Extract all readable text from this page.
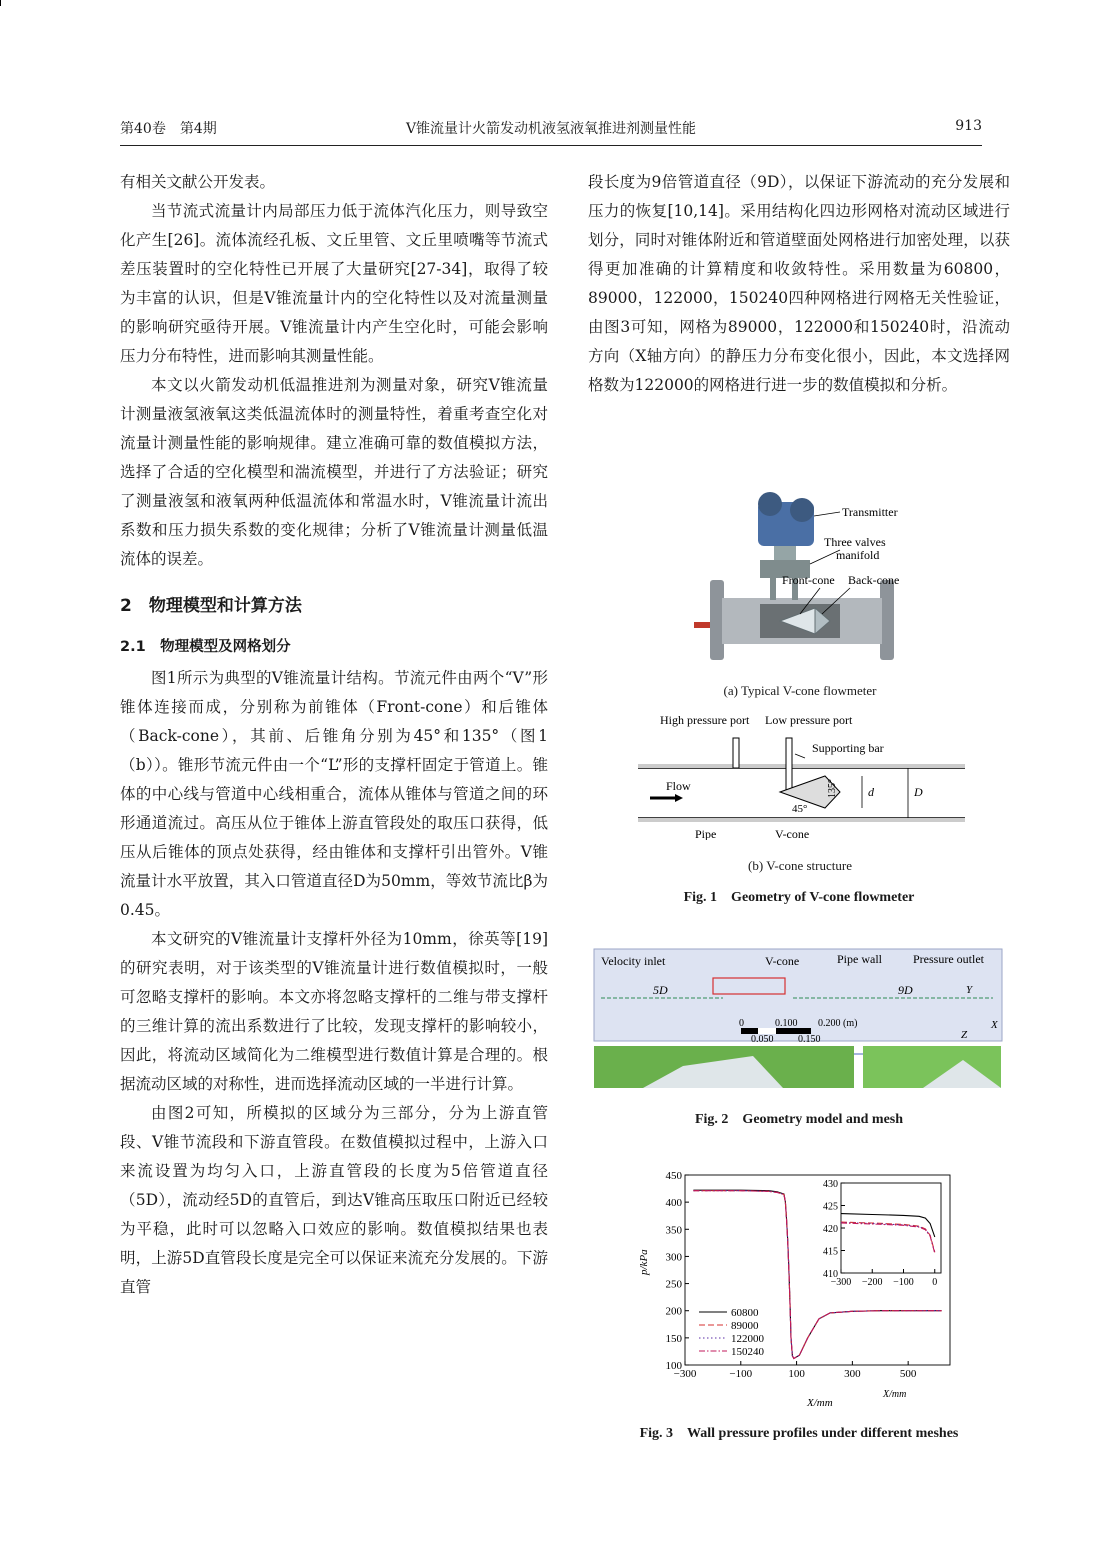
第40卷　第4期	V锥流量计火箭发动机液氢液氧推进剂测量性能	913

有相关文献公开发表。

当节流式流量计内局部压力低于流体汽化压力，则导致空化产生[26]。流体流经孔板、文丘里管、文丘里喷嘴等节流式差压装置时的空化特性已开展了大量研究[27-34]，取得了较为丰富的认识，但是V锥流量计内的空化特性以及对流量测量的影响研究亟待开展。V锥流量计内产生空化时，可能会影响压力分布特性，进而影响其测量性能。

本文以火箭发动机低温推进剂为测量对象，研究V锥流量计测量液氢液氧这类低温流体时的测量特性，着重考查空化对流量计测量性能的影响规律。建立准确可靠的数值模拟方法，选择了合适的空化模型和湍流模型，并进行了方法验证；研究了测量液氢和液氧两种低温流体和常温水时，V锥流量计流出系数和压力损失系数的变化规律；分析了V锥流量计测量低温流体的误差。

2　物理模型和计算方法

2.1　物理模型及网格划分

图1所示为典型的V锥流量计结构。节流元件由两个“V”形锥体连接而成，分别称为前锥体（Front-cone）和后锥体（Back-cone），其前、后锥角分别为45°和135°（图1（b））。锥形节流元件由一个“L”形的支撑杆固定于管道上。锥体的中心线与管道中心线相重合，流体从锥体与管道之间的环形通道流过。高压从位于锥体上游直管段处的取压口获得，低压从后锥体的顶点处获得，经由锥体和支撑杆引出管外。V锥流量计水平放置，其入口管道直径D为50mm，等效节流比β为0.45。

本文研究的V锥流量计支撑杆外径为10mm，徐英等[19]的研究表明，对于该类型的V锥流量计进行数值模拟时，一般可忽略支撑杆的影响。本文亦将忽略支撑杆的二维与带支撑杆的三维计算的流出系数进行了比较，发现支撑杆的影响较小，因此，将流动区域简化为二维模型进行数值计算是合理的。根据流动区域的对称性，进而选择流动区域的一半进行计算。

由图2可知，所模拟的区域分为三部分，分为上游直管段、V锥节流段和下游直管段。在数值模拟过程中，上游入口来流设置为均匀入口，上游直管段的长度为5倍管道直径（5D），流动经5D的直管后，到达V锥高压取压口附近已经较为平稳，此时可以忽略入口效应的影响。数值模拟结果也表明，上游5D直管段长度是完全可以保证来流充分发展的。下游直管

段长度为9倍管道直径（9D），以保证下游流动的充分发展和压力的恢复[10,14]。采用结构化四边形网格对流动区域进行划分，同时对锥体附近和管道壁面处网格进行加密处理，以获得更加准确的计算精度和收敛特性。采用数量为60800，89000，122000，150240四种网格进行网格无关性验证，由图3可知，网格为89000，122000和150240时，沿流动方向（X轴方向）的静压力分布变化很小，因此，本文选择网格数为122000的网格进行进一步的数值模拟和分析。

Transmitter
Three valves
manifold
Front-cone Back-cone
(a) Typical V-cone flowmeter
High pressure port Low pressure port
Supporting bar
Flow
45°
135°	d	D
Pipe	V-cone
(b) V-cone structure
Fig. 1　Geometry of V-cone flowmeter
Velocity inlet	V-cone	Pipe wall	Pressure outlet
5D	9D	Y
X
Z
0	0.100 0.200 (m)
0.050 0.150
Fig. 2　Geometry model and mesh
p/kPa
X/mm
X/mm
−300	−100	100	300	500
100
150
200
250
300
350
400
450
−300 −200 −100 0
410
415
420
425
430
60800
89000
122000
150240
Fig. 3　Wall pressure profiles under different meshes
